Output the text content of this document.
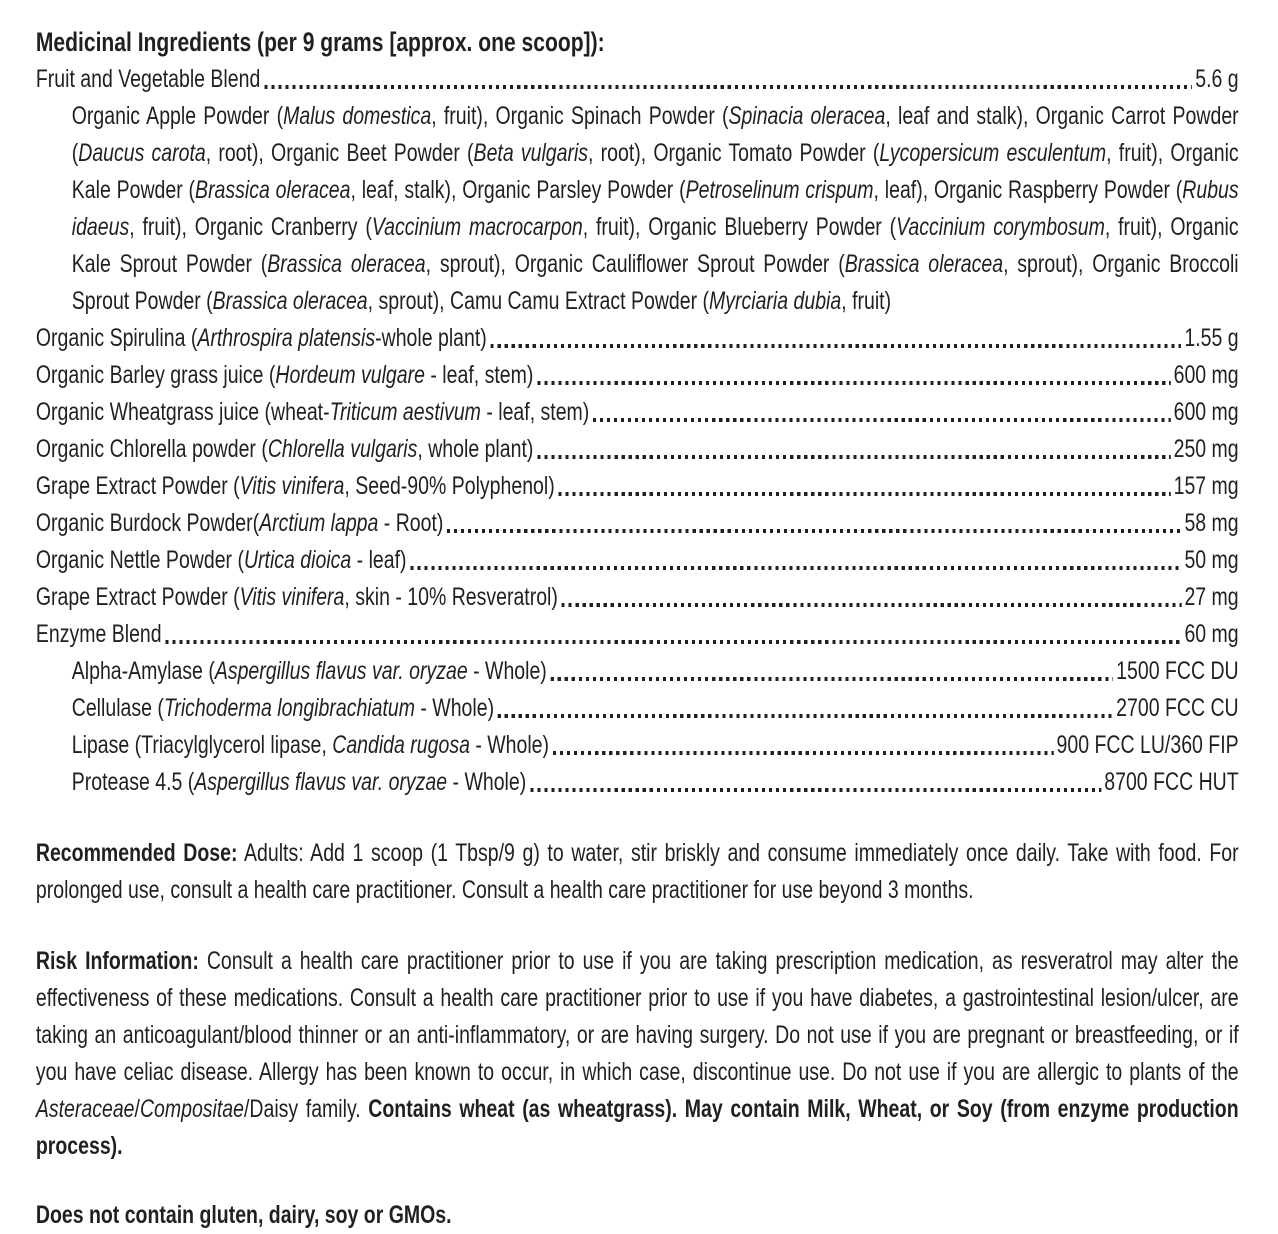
Medicinal Ingredients (per 9 grams [approx. one scoop]):
Fruit and Vegetable Blend	5.6 g
Organic Apple Powder (Malus domestica, fruit), Organic Spinach Powder (Spinacia oleracea, leaf and stalk), Organic Carrot Powder (Daucus carota, root), Organic Beet Powder (Beta vulgaris, root), Organic Tomato Powder (Lycopersicum esculentum, fruit), Organic Kale Powder (Brassica oleracea, leaf, stalk), Organic Parsley Powder (Petroselinum crispum, leaf), Organic Raspberry Powder (Rubus idaeus, fruit), Organic Cranberry (Vaccinium macrocarpon, fruit), Organic Blueberry Powder (Vaccinium corymbosum, fruit), Organic Kale Sprout Powder (Brassica oleracea, sprout), Organic Cauliflower Sprout Powder (Brassica oleracea, sprout), Organic Broccoli Sprout Powder (Brassica oleracea, sprout), Camu Camu Extract Powder (Myrciaria dubia, fruit)
Organic Spirulina (Arthrospira platensis-whole plant)	1.55 g
Organic Barley grass juice (Hordeum vulgare - leaf, stem)	600 mg
Organic Wheatgrass juice (wheat-Triticum aestivum - leaf, stem)	600 mg
Organic Chlorella powder (Chlorella vulgaris, whole plant)	250 mg
Grape Extract Powder (Vitis vinifera, Seed-90% Polyphenol)	157 mg
Organic Burdock Powder(Arctium lappa - Root)	58 mg
Organic Nettle Powder (Urtica dioica - leaf)	50 mg
Grape Extract Powder (Vitis vinifera, skin - 10% Resveratrol)	27 mg
Enzyme Blend	60 mg
Alpha-Amylase (Aspergillus flavus var. oryzae - Whole)	1500 FCC DU
Cellulase (Trichoderma longibrachiatum - Whole)	2700 FCC CU
Lipase (Triacylglycerol lipase, Candida rugosa - Whole)	900 FCC LU/360 FIP
Protease 4.5 (Aspergillus flavus var. oryzae - Whole)	8700 FCC HUT

Recommended Dose: Adults: Add 1 scoop (1 Tbsp/9 g) to water, stir briskly and consume immediately once daily. Take with food. For prolonged use, consult a health care practitioner. Consult a health care practitioner for use beyond 3 months.

Risk Information: Consult a health care practitioner prior to use if you are taking prescription medication, as resveratrol may alter the effectiveness of these medications. Consult a health care practitioner prior to use if you have diabetes, a gastrointestinal lesion/ulcer, are taking an anticoagulant/blood thinner or an anti-inflammatory, or are having surgery. Do not use if you are pregnant or breastfeeding, or if you have celiac disease. Allergy has been known to occur, in which case, discontinue use. Do not use if you are allergic to plants of the Asteraceae/Compositae/Daisy family. Contains wheat (as wheatgrass). May contain Milk, Wheat, or Soy (from enzyme production process).

Does not contain gluten, dairy, soy or GMOs.
